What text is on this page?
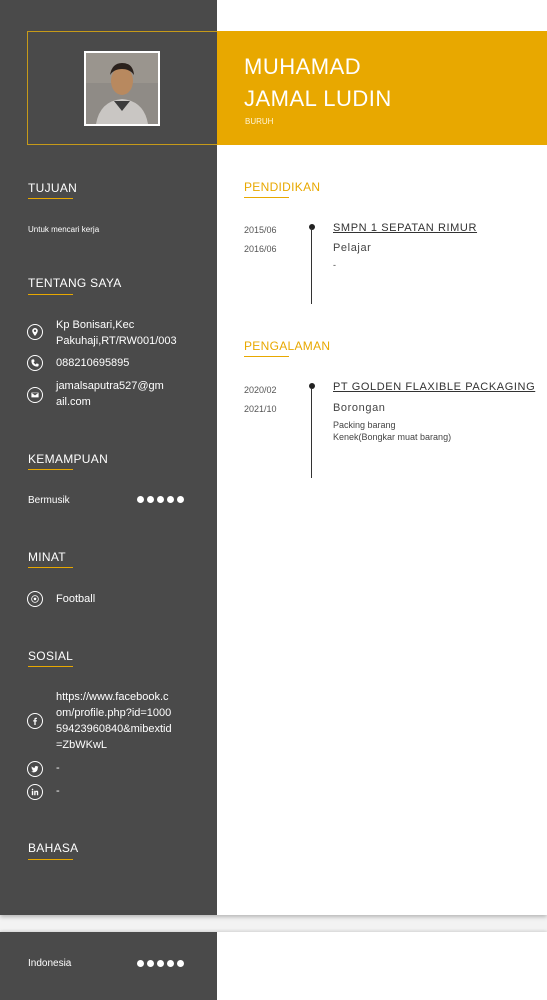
MUHAMAD
JAMAL LUDIN
BURUH
TUJUAN
Untuk mencari kerja
TENTANG SAYA
Kp Bonisari,Kec
Pakuhaji,RT/RW001/003
088210695895
jamalsaputra527@gm
ail.com
KEMAMPUAN
Bermusik
MINAT
Football
SOSIAL
https://www.facebook.c
om/profile.php?id=1000
59423960840&mibextid
=ZbWKwL
-
-
BAHASA
PENDIDIKAN
2015/06
2016/06
SMPN 1 SEPATAN RIMUR
Pelajar
-
PENGALAMAN
2020/02
2021/10
PT GOLDEN FLAXIBLE PACKAGING
Borongan
Packing barang
Kenek(Bongkar muat barang)
Indonesia
